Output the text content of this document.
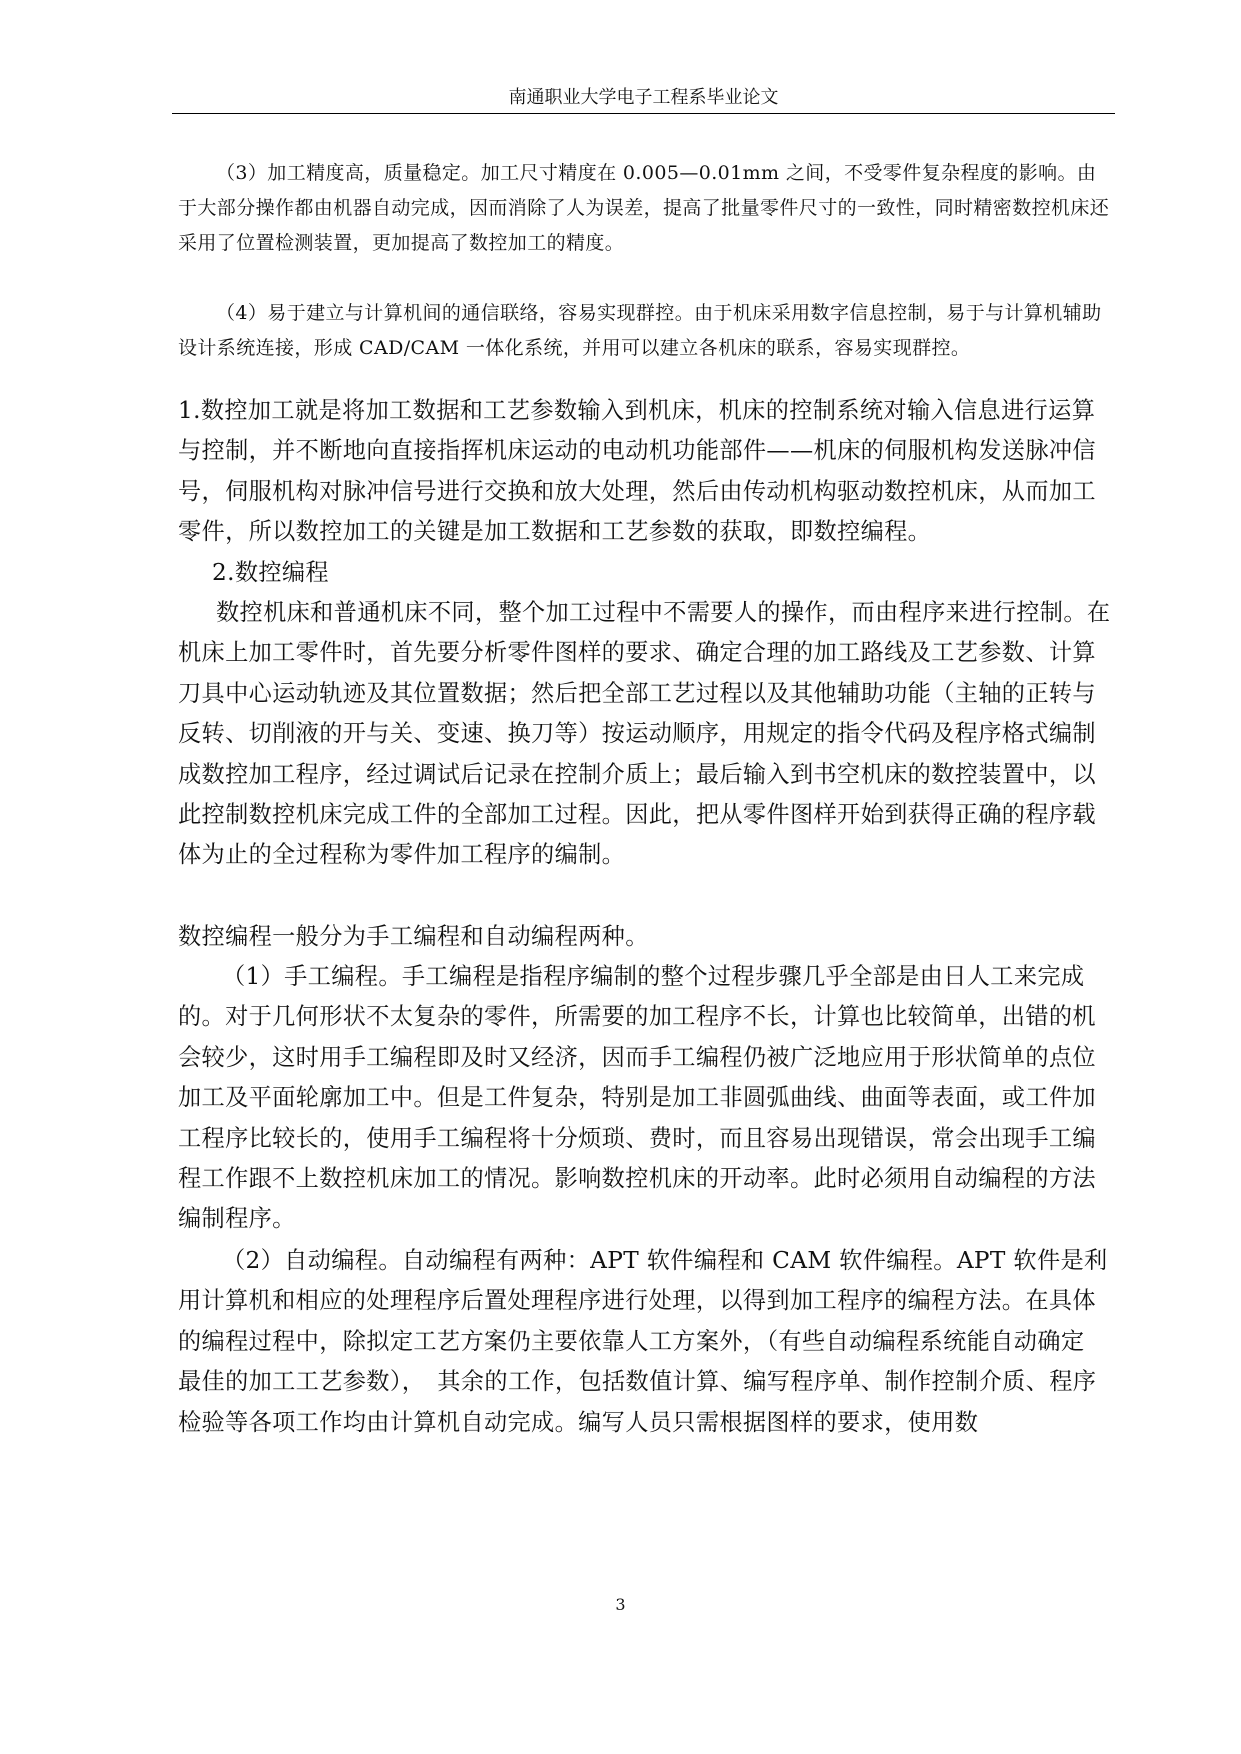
南通职业大学电子工程系毕业论文

（3）加工精度高，质量稳定。加工尺寸精度在 0.005—0.01mm 之间，不受零件复杂程度的影响。由于大部分操作都由机器自动完成，因而消除了人为误差，提高了批量零件尺寸的一致性，同时精密数控机床还采用了位置检测装置，更加提高了数控加工的精度。

（4）易于建立与计算机间的通信联络，容易实现群控。由于机床采用数字信息控制，易于与计算机辅助设计系统连接，形成 CAD/CAM 一体化系统，并用可以建立各机床的联系，容易实现群控。

1.数控加工就是将加工数据和工艺参数输入到机床，机床的控制系统对输入信息进行运算与控制，并不断地向直接指挥机床运动的电动机功能部件——机床的伺服机构发送脉冲信号，伺服机构对脉冲信号进行交换和放大处理，然后由传动机构驱动数控机床，从而加工零件，所以数控加工的关键是加工数据和工艺参数的获取，即数控编程。

2.数控编程

数控机床和普通机床不同，整个加工过程中不需要人的操作，而由程序来进行控制。在机床上加工零件时，首先要分析零件图样的要求、确定合理的加工路线及工艺参数、计算刀具中心运动轨迹及其位置数据；然后把全部工艺过程以及其他辅助功能（主轴的正转与反转、切削液的开与关、变速、换刀等）按运动顺序，用规定的指令代码及程序格式编制成数控加工程序，经过调试后记录在控制介质上；最后输入到书空机床的数控装置中，以此控制数控机床完成工件的全部加工过程。因此，把从零件图样开始到获得正确的程序载体为止的全过程称为零件加工程序的编制。

数控编程一般分为手工编程和自动编程两种。

（1）手工编程。手工编程是指程序编制的整个过程步骤几乎全部是由日人工来完成的。对于几何形状不太复杂的零件，所需要的加工程序不长，计算也比较简单，出错的机会较少，这时用手工编程即及时又经济，因而手工编程仍被广泛地应用于形状简单的点位加工及平面轮廓加工中。但是工件复杂，特别是加工非圆弧曲线、曲面等表面，或工件加工程序比较长的，使用手工编程将十分烦琐、费时，而且容易出现错误，常会出现手工编程工作跟不上数控机床加工的情况。影响数控机床的开动率。此时必须用自动编程的方法编制程序。

（2）自动编程。自动编程有两种：APT 软件编程和 CAM 软件编程。APT 软件是利用计算机和相应的处理程序后置处理程序进行处理，以得到加工程序的编程方法。在具体的编程过程中，除拟定工艺方案仍主要依靠人工方案外，（有些自动编程系统能自动确定　最佳的加工工艺参数），　其余的工作，包括数值计算、编写程序单、制作控制介质、程序检验等各项工作均由计算机自动完成。编写人员只需根据图样的要求，使用数

3
